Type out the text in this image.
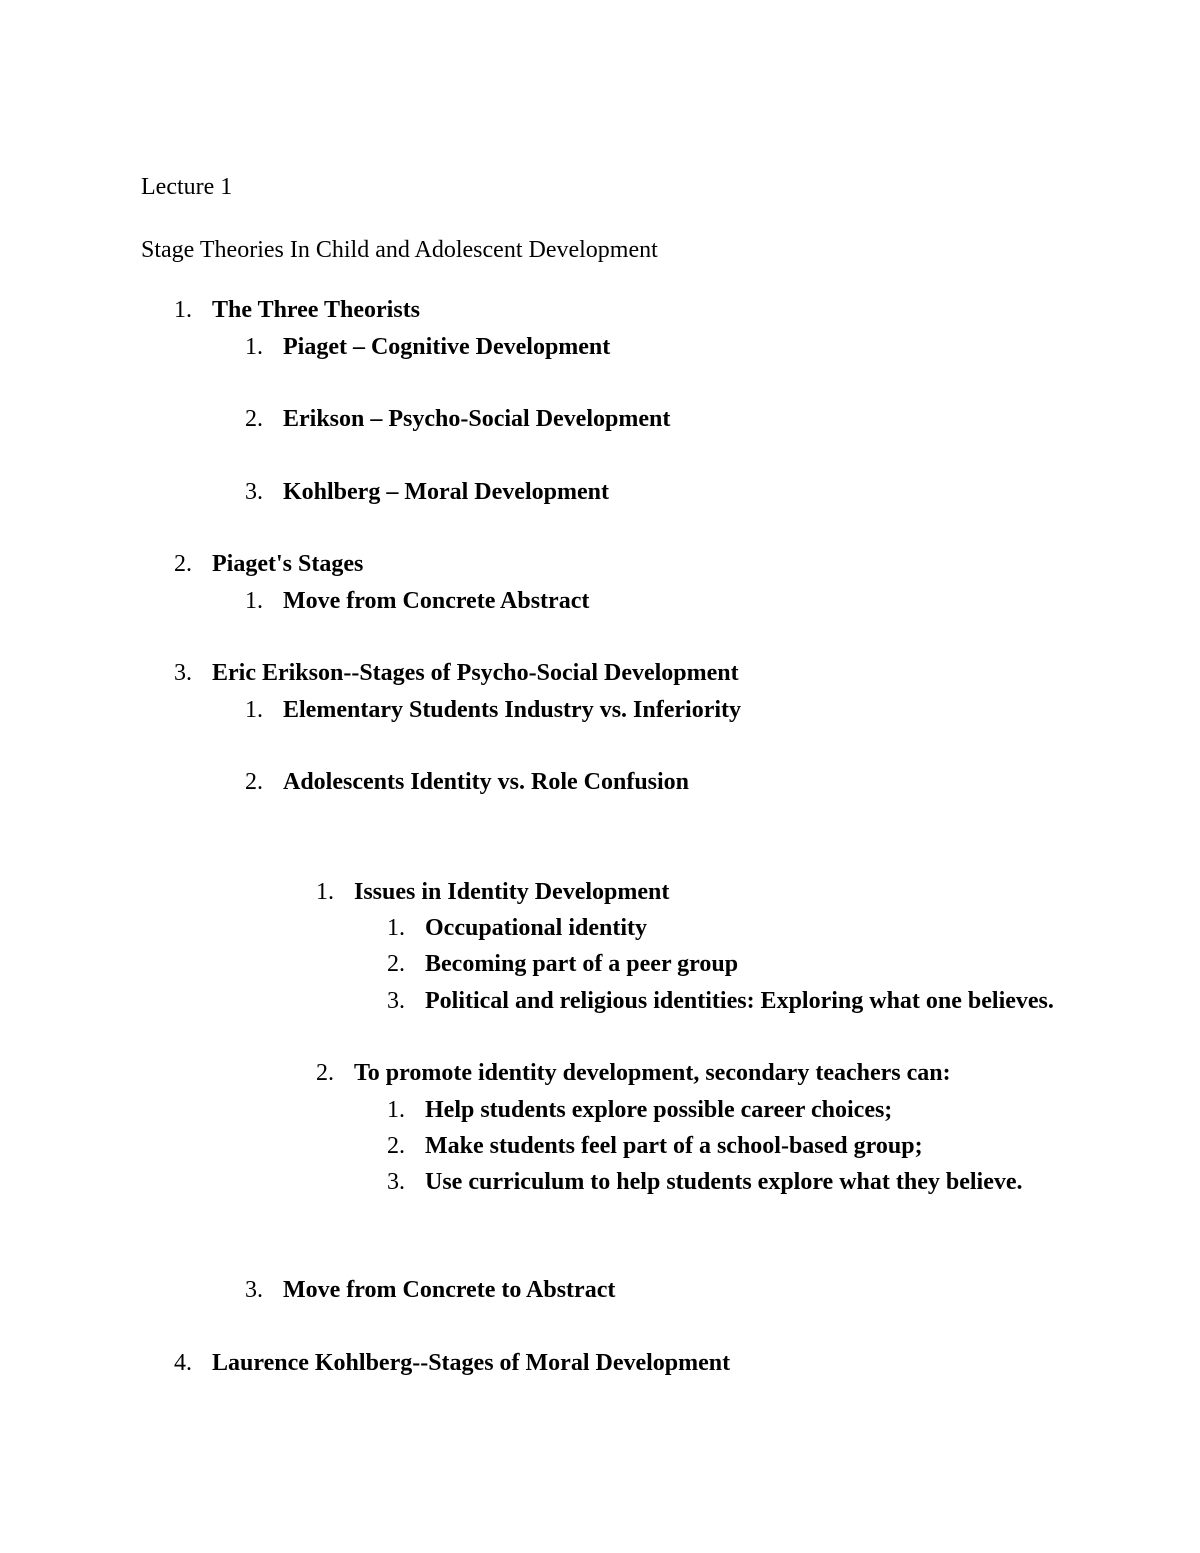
Lecture 1
Stage Theories In Child and Adolescent Development
1. The Three Theorists
1. Piaget – Cognitive Development
2. Erikson – Psycho-Social Development
3. Kohlberg – Moral Development
2. Piaget's Stages
1. Move from Concrete Abstract
3. Eric Erikson--Stages of Psycho-Social Development
1. Elementary Students Industry vs. Inferiority
2. Adolescents Identity vs. Role Confusion
1. Issues in Identity Development
1. Occupational identity
2. Becoming part of a peer group
3. Political and religious identities: Exploring what one believes.
2. To promote identity development, secondary teachers can:
1. Help students explore possible career choices;
2. Make students feel part of a school-based group;
3. Use curriculum to help students explore what they believe.
3. Move from Concrete to Abstract
4. Laurence Kohlberg--Stages of Moral Development
